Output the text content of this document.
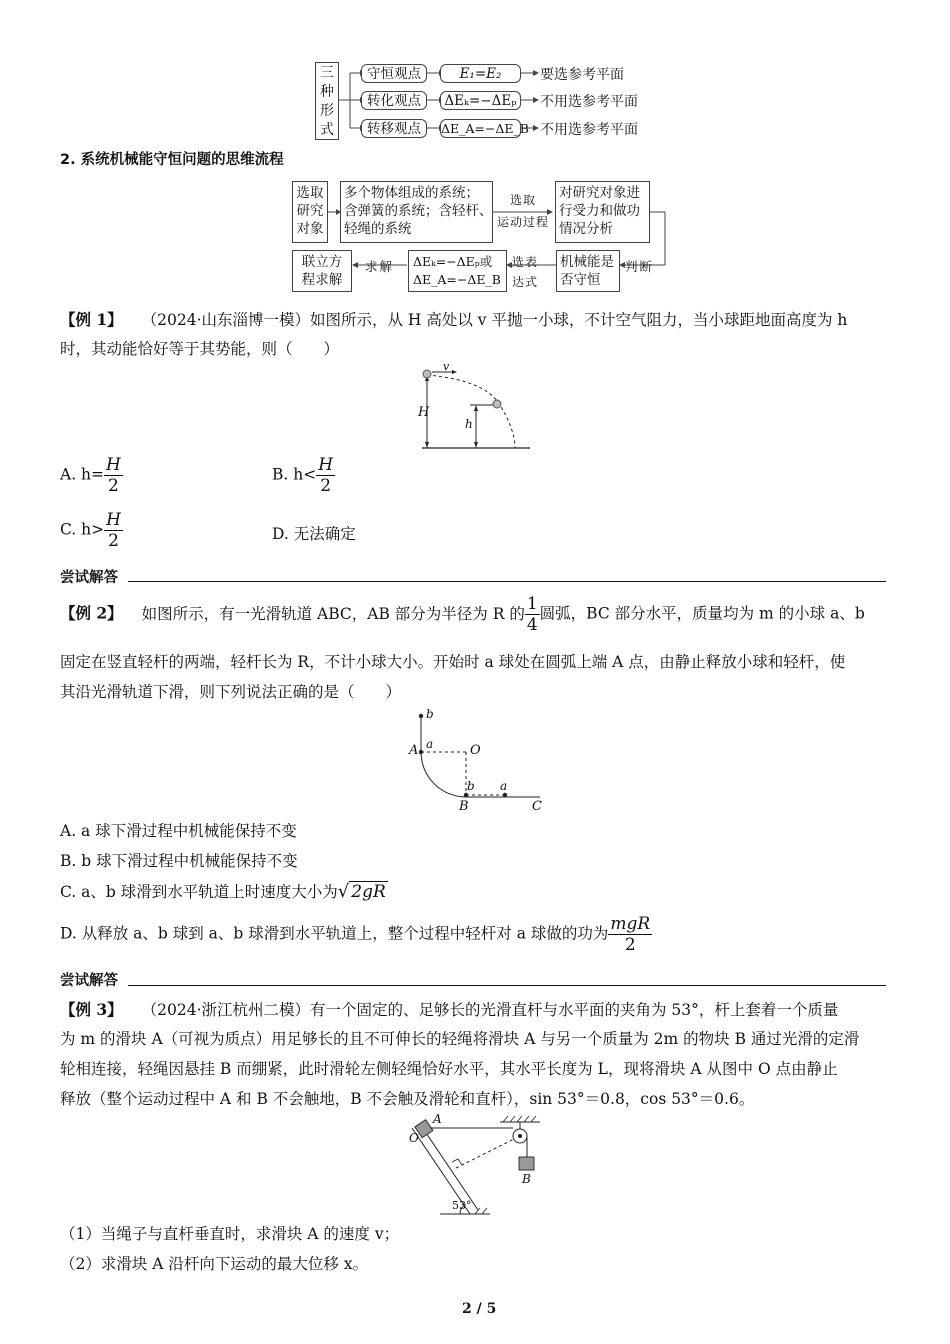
三
种
形
式
守恒观点	E₁=E₂	要选参考平面
转化观点	ΔEₖ=−ΔEₚ	不用选参考平面
转移观点	ΔE_A=−ΔE_B 不用选参考平面
2. 系统机械能守恒问题的思维流程
选取
研究
对象
多个物体组成的系统；
含弹簧的系统；含轻杆、
轻绳的系统
选取
运动过程
对研究对象进
行受力和做功
情况分析
判断
机械能是
否守恒
选表
达式
ΔEₖ=−ΔEₚ或
ΔE_A=−ΔE_B
求解
联立方
程求解
【例 1】 （2024·山东淄博一模）如图所示，从 H 高处以 v 平抛一小球，不计空气阻力，当小球距地面高度为 h
时，其动能恰好等于其势能，则（　　）
v
H
h
A. $h= \frac{H}{2}$	B. $h< \frac{H}{2}$
C. $h> \frac{H}{2}$	D. 无法确定
尝试解答
【例 2】 如图所示，有一光滑轨道 ABC，AB 部分为半径为 R 的 $\frac{1}{4}$ 圆弧，BC 部分水平，质量均为 m 的小球 a、b
固定在竖直轻杆的两端，轻杆长为 R，不计小球大小。开始时 a 球处在圆弧上端 A 点，由静止释放小球和轻杆，使
其沿光滑轨道下滑，则下列说法正确的是（　　）
b
A a	O
b a
B	C
A. a 球下滑过程中机械能保持不变
B. b 球下滑过程中机械能保持不变
C. a、b 球滑到水平轨道上时速度大小为√ 2gR
D. 从释放 a、b 球到 a、b 球滑到水平轨道上，整个过程中轻杆对 a 球做的功为 $\frac{\text{mgR}}{2}$
尝试解答
【例 3】 （2024·浙江杭州二模）有一个固定的、足够长的光滑直杆与水平面的夹角为 53°，杆上套着一个质量
为 m 的滑块 A（可视为质点）用足够长的且不可伸长的轻绳将滑块 A 与另一个质量为 2m 的物块 B 通过光滑的定滑
轮相连接，轻绳因悬挂 B 而绷紧，此时滑轮左侧轻绳恰好水平，其水平长度为 L，现将滑块 A 从图中 O 点由静止
释放（整个运动过程中 A 和 B 不会触地，B 不会触及滑轮和直杆），sin 53°＝0.8，cos 53°＝0.6。
A
O
B
53°
（1）当绳子与直杆垂直时，求滑块 A 的速度 v；
（2）求滑块 A 沿杆向下运动的最大位移 x。
2 / 5
